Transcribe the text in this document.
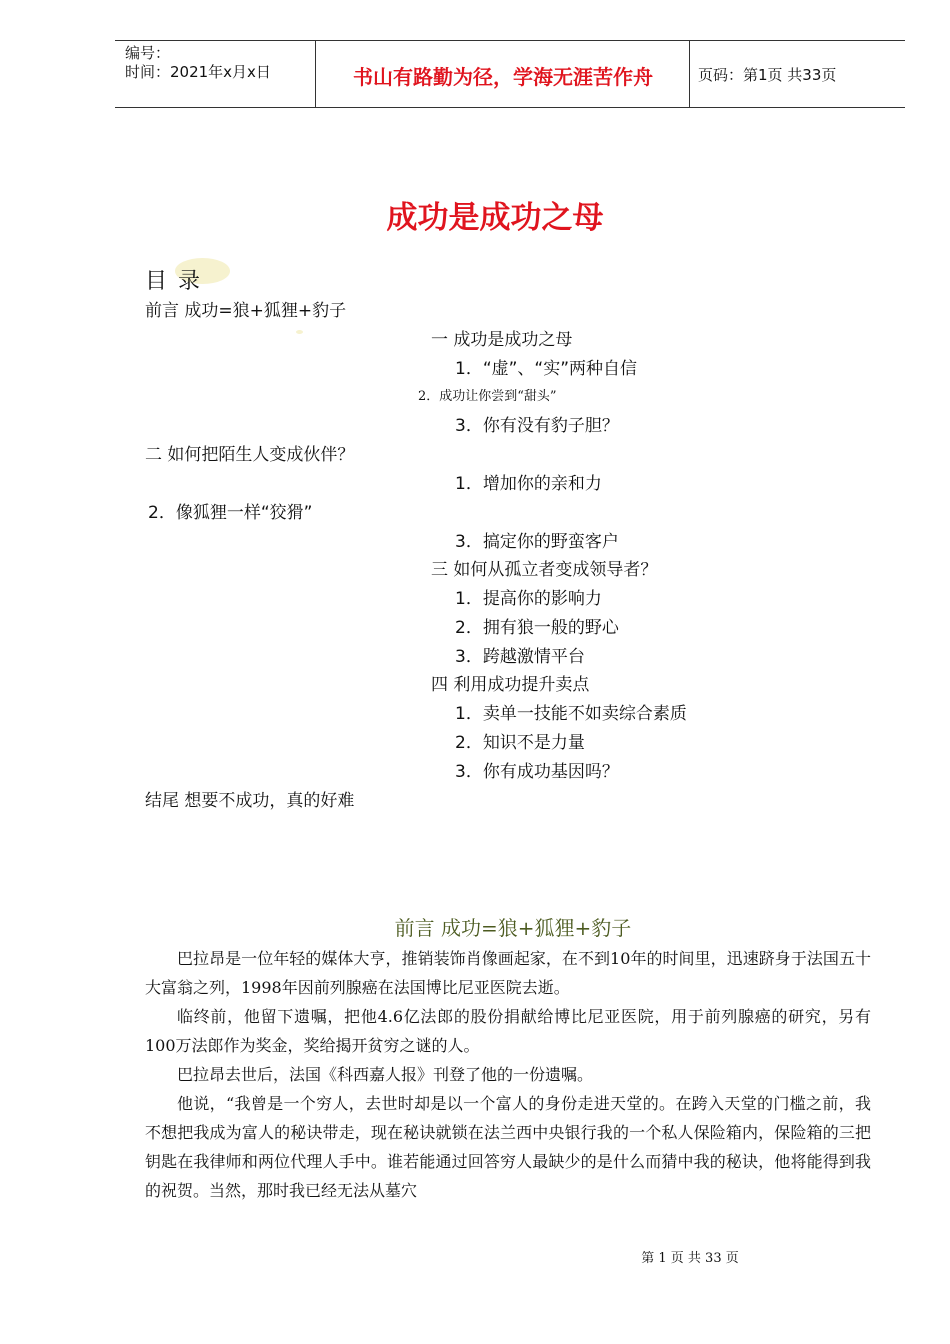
编号：
时间：2021年x月x日	书山有路勤为径，学海无涯苦作舟	页码：第1页 共33页
成功是成功之母
目 录
前言 成功=狼+狐狸+豹子
一 成功是成功之母
1．“虚”、“实”两种自信
2．成功让你尝到“甜头”
3．你有没有豹子胆？
二 如何把陌生人变成伙伴？
1．增加你的亲和力
2．像狐狸一样“狡猾”
3．搞定你的野蛮客户
三 如何从孤立者变成领导者？
1．提高你的影响力
2．拥有狼一般的野心
3．跨越激情平台
四 利用成功提升卖点
1．卖单一技能不如卖综合素质
2．知识不是力量
3．你有成功基因吗？
结尾 想要不成功，真的好难
前言 成功=狼+狐狸+豹子

巴拉昂是一位年轻的媒体大亨，推销装饰肖像画起家，在不到10年的时间里，迅速跻身于法国五十大富翁之列，1998年因前列腺癌在法国博比尼亚医院去逝。

临终前，他留下遗嘱，把他4.6亿法郎的股份捐献给博比尼亚医院，用于前列腺癌的研究，另有100万法郎作为奖金，奖给揭开贫穷之谜的人。

巴拉昂去世后，法国《科西嘉人报》刊登了他的一份遗嘱。

他说，“我曾是一个穷人，去世时却是以一个富人的身份走进天堂的。在跨入天堂的门槛之前，我不想把我成为富人的秘诀带走，现在秘诀就锁在法兰西中央银行我的一个私人保险箱内，保险箱的三把钥匙在我律师和两位代理人手中。谁若能通过回答穷人最缺少的是什么而猜中我的秘诀，他将能得到我的祝贺。当然，那时我已经无法从墓穴

第 1 页 共 33 页
